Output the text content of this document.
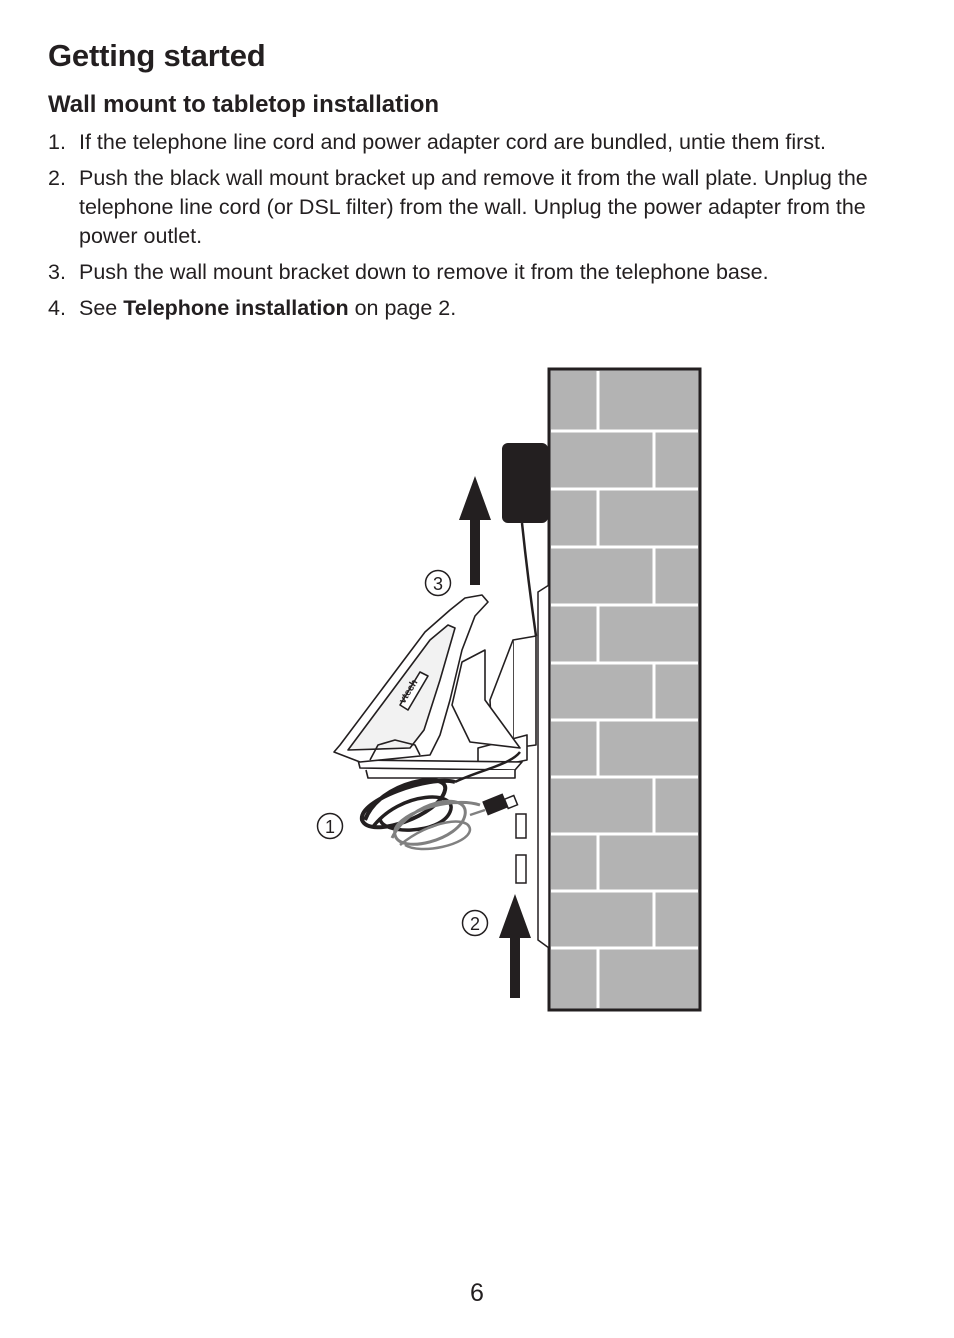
Getting started
Wall mount to tabletop installation
1. If the telephone line cord and power adapter cord are bundled, untie them first.
2. Push the black wall mount bracket up and remove it from the wall plate. Unplug the telephone line cord (or DSL filter) from the wall. Unplug the power adapter from the power outlet.
3. Push the wall mount bracket down to remove it from the telephone base.
4. See Telephone installation on page 2.
vtech
1
2
3
6
